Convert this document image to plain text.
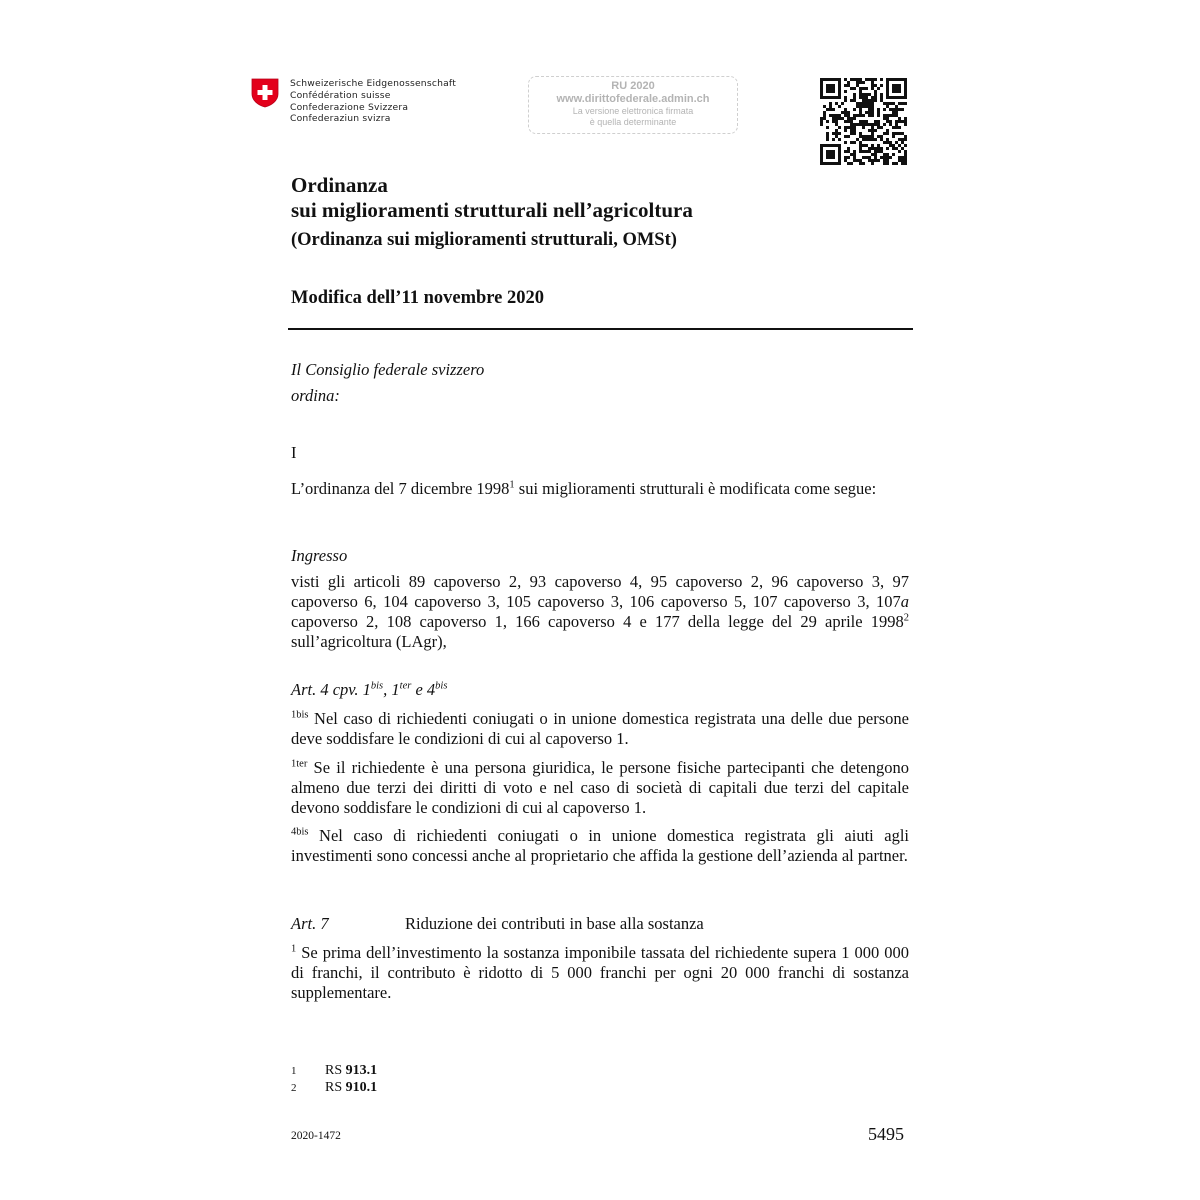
Schweizerische Eidgenossenschaft
Confédération suisse
Confederazione Svizzera
Confederaziun svizra
RU 2020
www.dirittofederale.admin.ch
La versione elettronica firmata
è quella determinante
Ordinanza
sui miglioramenti strutturali nell’agricoltura
(Ordinanza sui miglioramenti strutturali, OMSt)
Modifica dell’11 novembre 2020
Il Consiglio federale svizzero
ordina:
I
L’ordinanza del 7 dicembre 1998$^1$ sui miglioramenti strutturali è modificata come segue:
Ingresso
visti gli articoli 89 capoverso 2, 93 capoverso 4, 95 capoverso 2, 96 capoverso 3, 97 capoverso 6, 104 capoverso 3, 105 capoverso 3, 106 capoverso 5, 107 capoverso 3, 107a capoverso 2, 108 capoverso 1, 166 capoverso 4 e 177 della legge del 29 aprile 1998$^2$ sull’agricoltura (LAgr),
Art. 4 cpv. $1^{bis}$, $1^{ter}$ e $4^{bis}$
$^{1bis}$ Nel caso di richiedenti coniugati o in unione domestica registrata una delle due persone deve soddisfare le condizioni di cui al capoverso 1.
$^{1ter}$ Se il richiedente è una persona giuridica, le persone fisiche partecipanti che detengono almeno due terzi dei diritti di voto e nel caso di società di capitali due terzi del capitale devono soddisfare le condizioni di cui al capoverso 1.
$^{4bis}$ Nel caso di richiedenti coniugati o in unione domestica registrata gli aiuti agli investimenti sono concessi anche al proprietario che affida la gestione dell’azienda al partner.
Art. 7	Riduzione dei contributi in base alla sostanza
$^1$ Se prima dell’investimento la sostanza imponibile tassata del richiedente supera 1 000 000 di franchi, il contributo è ridotto di 5 000 franchi per ogni 20 000 franchi di sostanza supplementare.
1 RS 913.1
2 RS 910.1
2020-1472	5495
